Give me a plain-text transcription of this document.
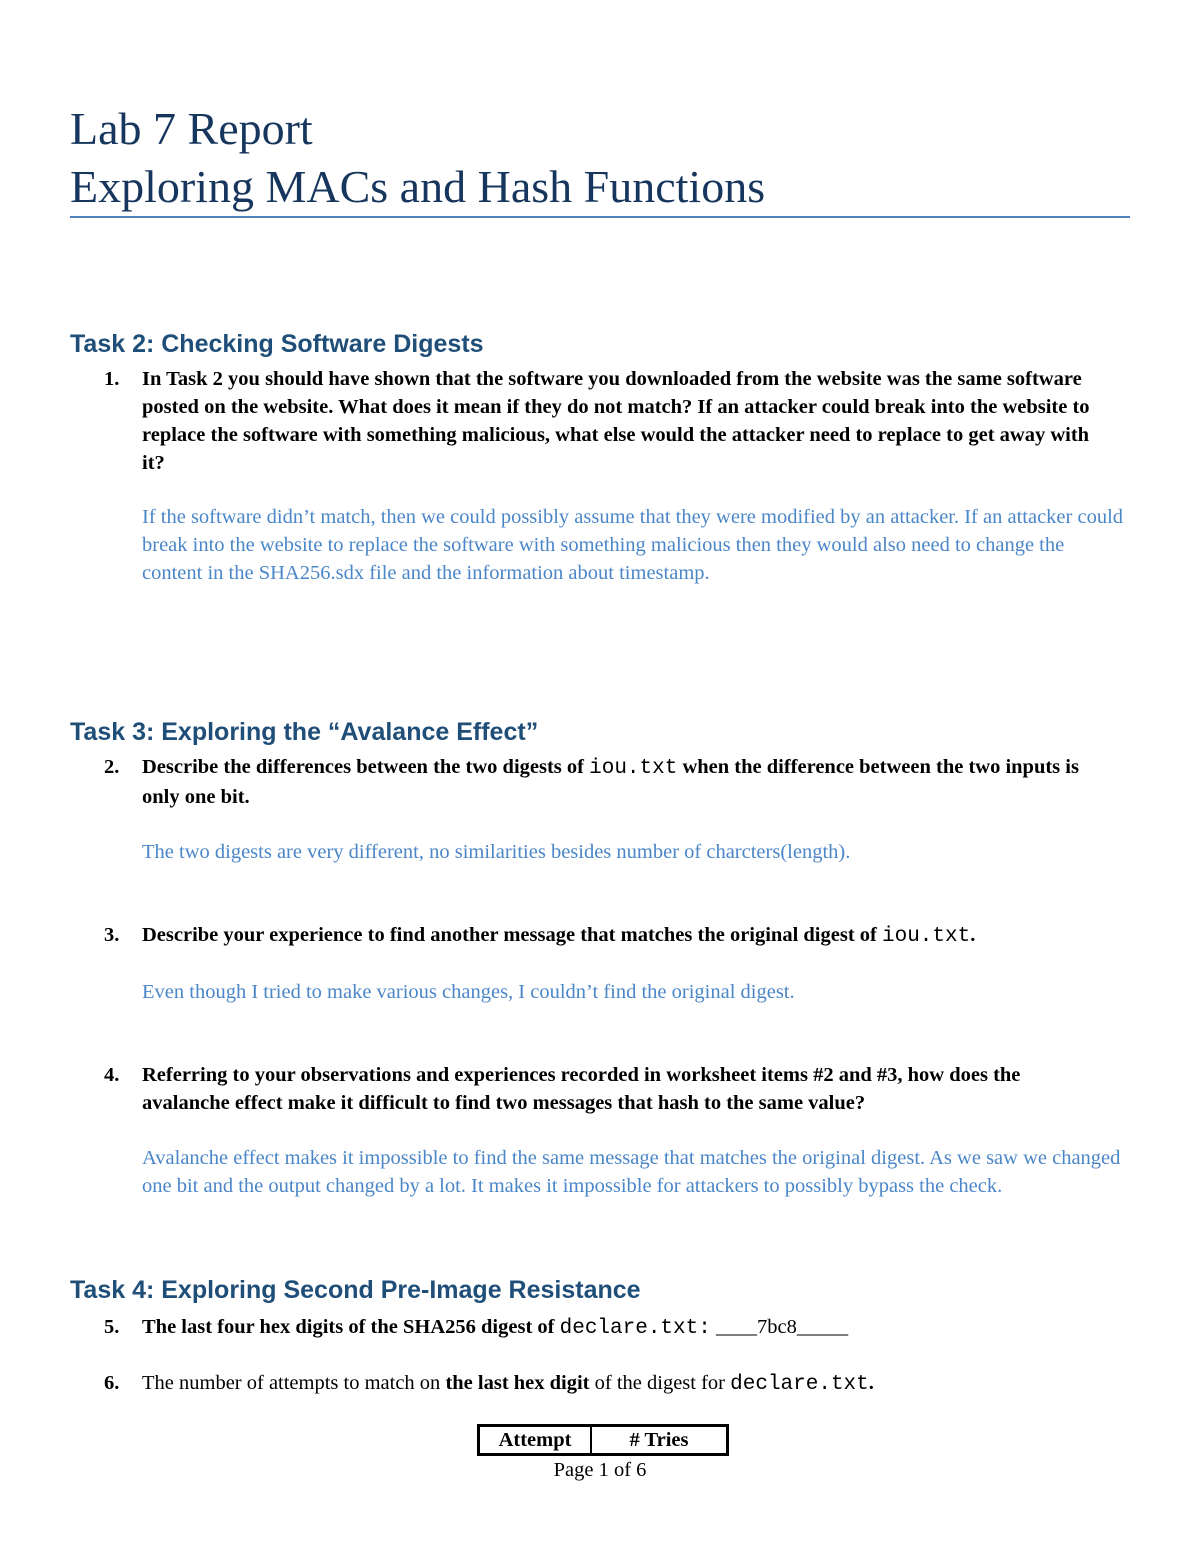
Lab 7 Report
Exploring MACs and Hash Functions
Task 2: Checking Software Digests
1.	In Task 2 you should have shown that the software you downloaded from the website was the same software posted on the website. What does it mean if they do not match? If an attacker could break into the website to replace the software with something malicious, what else would the attacker need to replace to get away with it?
If the software didn’t match, then we could possibly assume that they were modified by an attacker. If an attacker could break into the website to replace the software with something malicious then they would also need to change the content in the SHA256.sdx file and the information about timestamp.
Task 3: Exploring the “Avalance Effect”
2.	Describe the differences between the two digests of iou.txt when the difference between the two inputs is only one bit.
The two digests are very different, no similarities besides number of charcters(length).
3.	Describe your experience to find another message that matches the original digest of iou.txt.
Even though I tried to make various changes, I couldn’t find the original digest.
4.	Referring to your observations and experiences recorded in worksheet items #2 and #3, how does the avalanche effect make it difficult to find two messages that hash to the same value?
Avalanche effect makes it impossible to find the same message that matches the original digest. As we saw we changed one bit and the output changed by a lot. It makes it impossible for attackers to possibly bypass the check.
Task 4: Exploring Second Pre-Image Resistance
5.	The last four hex digits of the SHA256 digest of declare.txt: ____7bc8_____
6.	The number of attempts to match on the last hex digit of the digest for declare.txt.
Attempt	# Tries
Page 1 of 6
